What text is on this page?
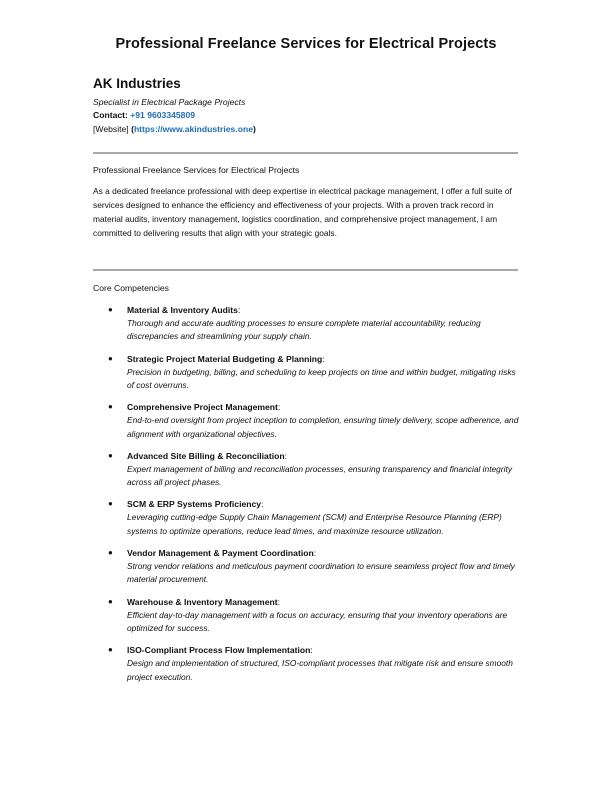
Professional Freelance Services for Electrical Projects
AK Industries
Specialist in Electrical Package Projects
Contact: +91 9603345809
[Website] (https://www.akindustries.one)
Professional Freelance Services for Electrical Projects
As a dedicated freelance professional with deep expertise in electrical package management, I offer a full suite of services designed to enhance the efficiency and effectiveness of your projects. With a proven track record in material audits, inventory management, logistics coordination, and comprehensive project management, I am committed to delivering results that align with your strategic goals.
Core Competencies
● Material & Inventory Audits:
Thorough and accurate auditing processes to ensure complete material accountability, reducing discrepancies and streamlining your supply chain.
● Strategic Project Material Budgeting & Planning:
Precision in budgeting, billing, and scheduling to keep projects on time and within budget, mitigating risks of cost overruns.
● Comprehensive Project Management:
End-to-end oversight from project inception to completion, ensuring timely delivery, scope adherence, and alignment with organizational objectives.
● Advanced Site Billing & Reconciliation:
Expert management of billing and reconciliation processes, ensuring transparency and financial integrity across all project phases.
● SCM & ERP Systems Proficiency:
Leveraging cutting-edge Supply Chain Management (SCM) and Enterprise Resource Planning (ERP) systems to optimize operations, reduce lead times, and maximize resource utilization.
● Vendor Management & Payment Coordination:
Strong vendor relations and meticulous payment coordination to ensure seamless project flow and timely material procurement.
● Warehouse & Inventory Management:
Efficient day-to-day management with a focus on accuracy, ensuring that your inventory operations are optimized for success.
● ISO-Compliant Process Flow Implementation:
Design and implementation of structured, ISO-compliant processes that mitigate risk and ensure smooth project execution.
